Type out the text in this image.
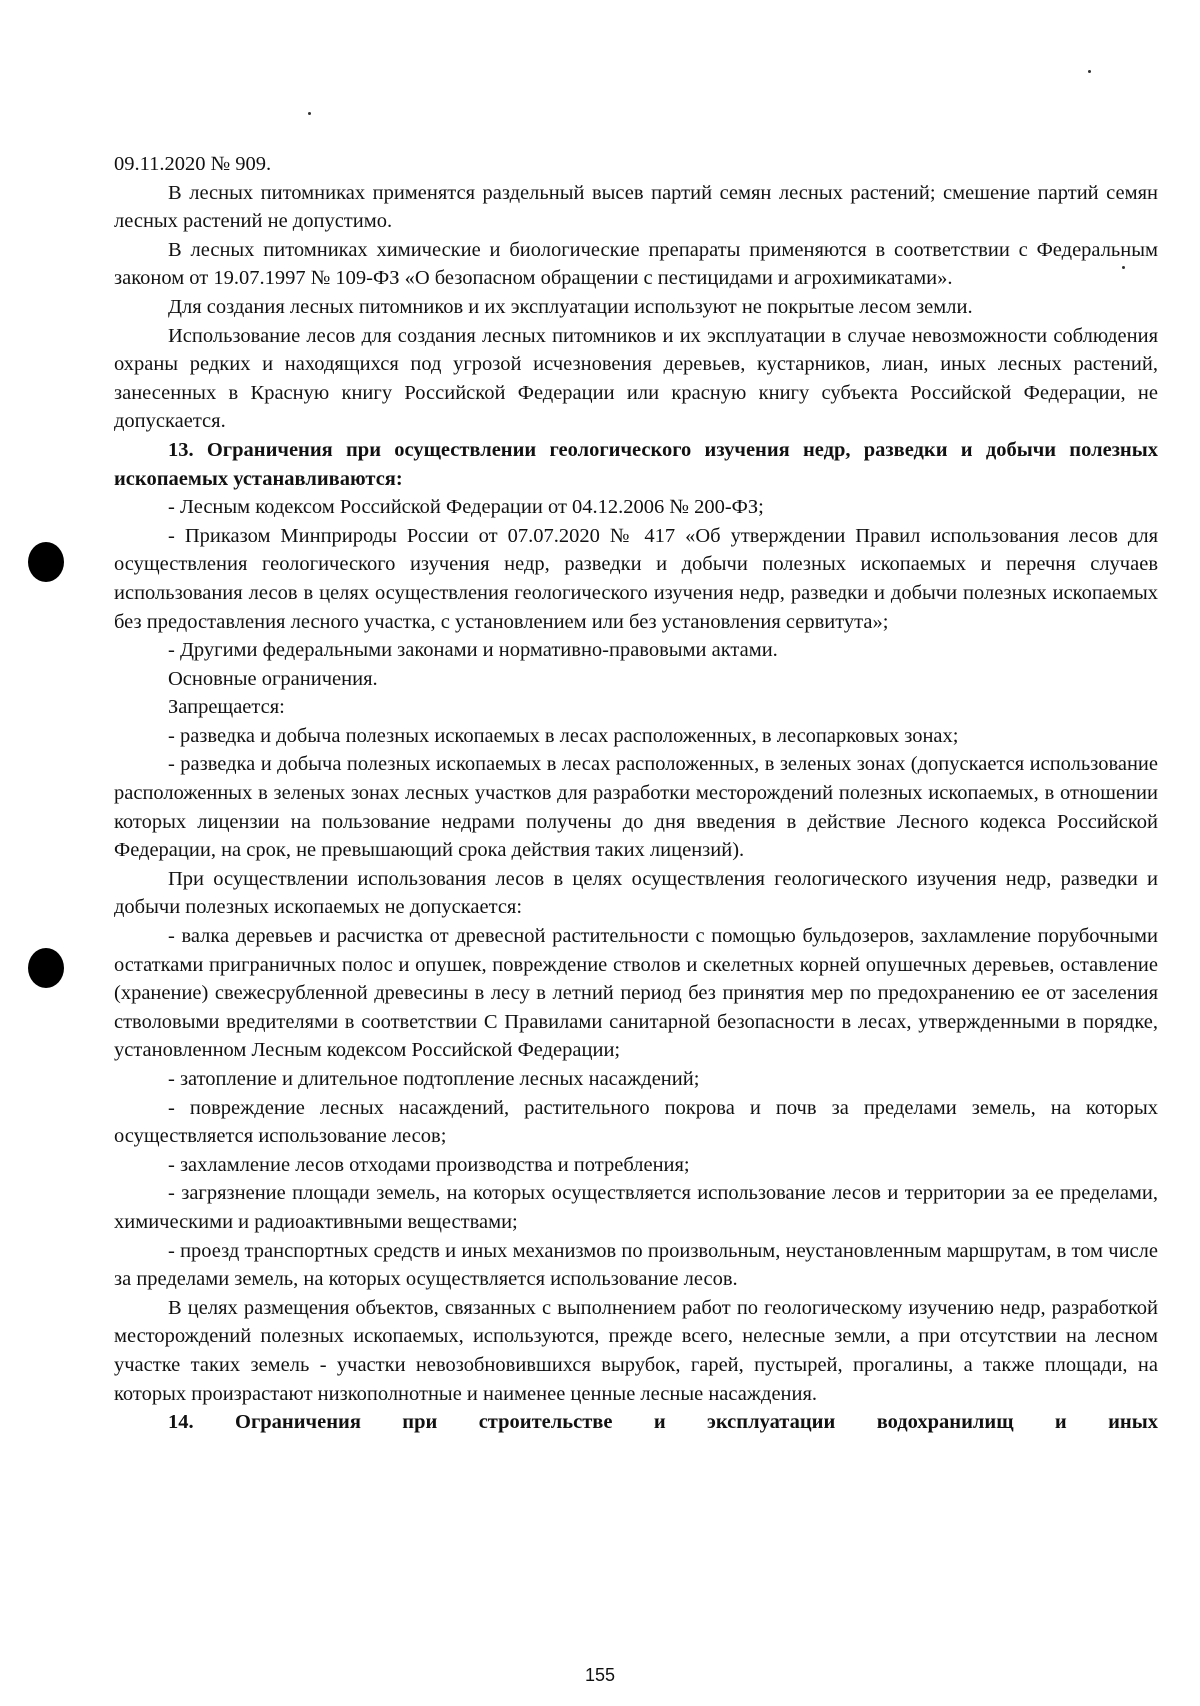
09.11.2020 № 909.

В лесных питомниках применятся раздельный высев партий семян лесных растений; смешение партий семян лесных растений не допустимо.

В лесных питомниках химические и биологические препараты применяются в соответствии с Федеральным законом от 19.07.1997 № 109-ФЗ «О безопасном обращении с пестицидами и агрохимикатами».

Для создания лесных питомников и их эксплуатации используют не покрытые лесом земли.

Использование лесов для создания лесных питомников и их эксплуатации в случае невозможности соблюдения охраны редких и находящихся под угрозой исчезновения деревьев, кустарников, лиан, иных лесных растений, занесенных в Красную книгу Российской Федерации или красную книгу субъекта Российской Федерации, не допускается.

13. Ограничения при осуществлении геологического изучения недр, разведки и добычи полезных ископаемых устанавливаются:

- Лесным кодексом Российской Федерации от 04.12.2006 № 200-ФЗ;

- Приказом Минприроды России от 07.07.2020 № 417 «Об утверждении Правил использования лесов для осуществления геологического изучения недр, разведки и добычи полезных ископаемых и перечня случаев использования лесов в целях осуществления геологического изучения недр, разведки и добычи полезных ископаемых без предоставления лесного участка, с установлением или без установления сервитута»;

- Другими федеральными законами и нормативно-правовыми актами.

Основные ограничения.

Запрещается:

- разведка и добыча полезных ископаемых в лесах расположенных, в лесопарковых зонах;

- разведка и добыча полезных ископаемых в лесах расположенных, в зеленых зонах (допускается использование расположенных в зеленых зонах лесных участков для разработки месторождений полезных ископаемых, в отношении которых лицензии на пользование недрами получены до дня введения в действие Лесного кодекса Российской Федерации, на срок, не превышающий срока действия таких лицензий).

При осуществлении использования лесов в целях осуществления геологического изучения недр, разведки и добычи полезных ископаемых не допускается:

- валка деревьев и расчистка от древесной растительности с помощью бульдозеров, захламление порубочными остатками приграничных полос и опушек, повреждение стволов и скелетных корней опушечных деревьев, оставление (хранение) свежесрубленной древесины в лесу в летний период без принятия мер по предохранению ее от заселения стволовыми вредителями в соответствии С Правилами санитарной безопасности в лесах, утвержденными в порядке, установленном Лесным кодексом Российской Федерации;

- затопление и длительное подтопление лесных насаждений;

- повреждение лесных насаждений, растительного покрова и почв за пределами земель, на которых осуществляется использование лесов;

- захламление лесов отходами производства и потребления;

- загрязнение площади земель, на которых осуществляется использование лесов и территории за ее пределами, химическими и радиоактивными веществами;

- проезд транспортных средств и иных механизмов по произвольным, неустановленным маршрутам, в том числе за пределами земель, на которых осуществляется использование лесов.

В целях размещения объектов, связанных с выполнением работ по геологическому изучению недр, разработкой месторождений полезных ископаемых, используются, прежде всего, нелесные земли, а при отсутствии на лесном участке таких земель - участки невозобновившихся вырубок, гарей, пустырей, прогалины, а также площади, на которых произрастают низкополнотные и наименее ценные лесные насаждения.

14. Ограничения при строительстве и эксплуатации водохранилищ и иных

155
